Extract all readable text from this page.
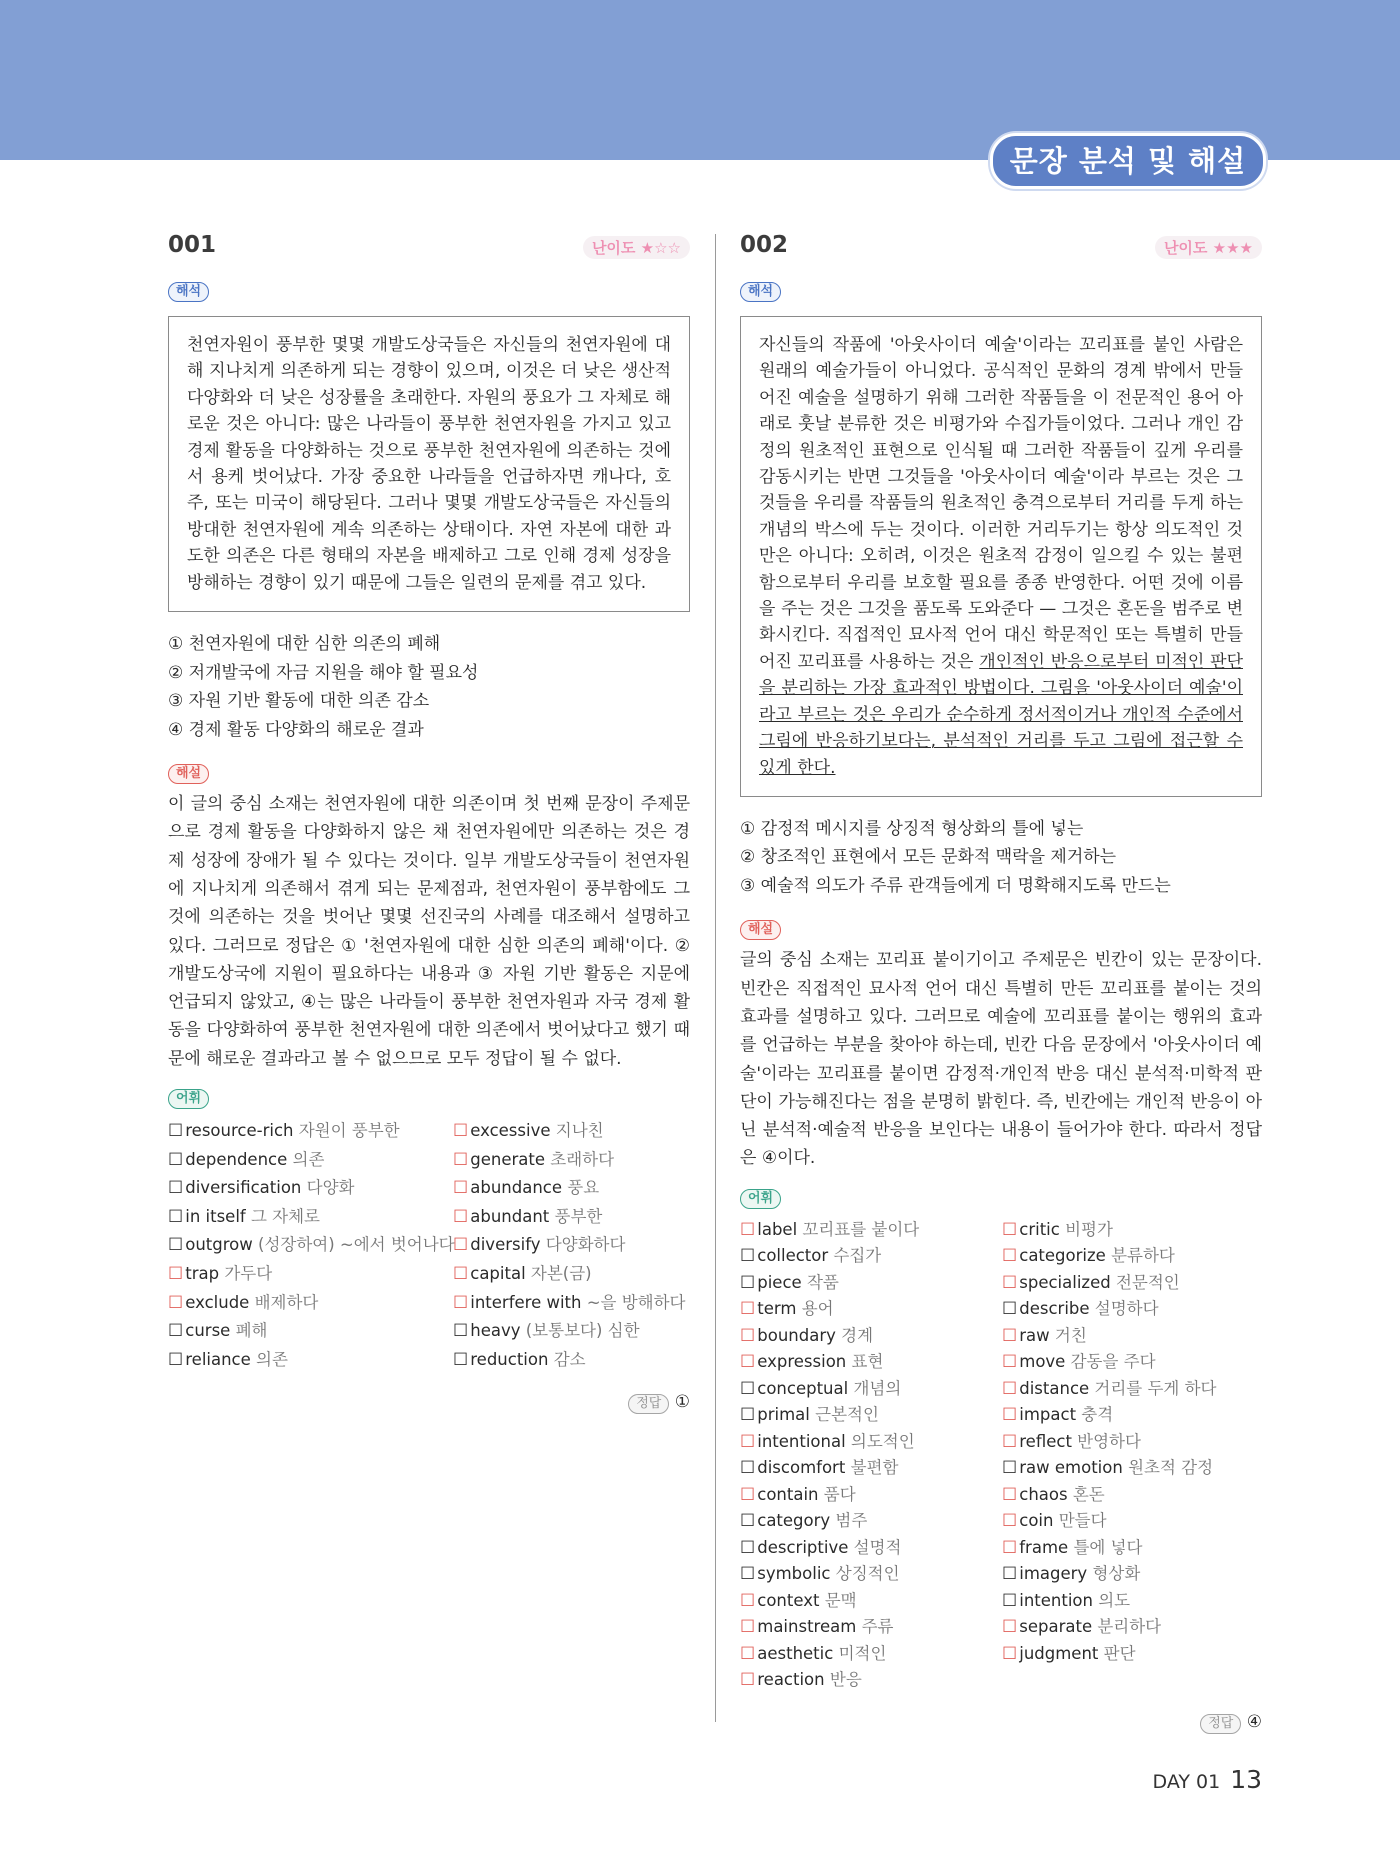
문장 분석 및 해설
001	난이도 ★☆☆
해석
천연자원이 풍부한 몇몇 개발도상국들은 자신들의 천연자원에 대해 지나치게 의존하게 되는 경향이 있으며, 이것은 더 낮은 생산적 다양화와 더 낮은 성장률을 초래한다. 자원의 풍요가 그 자체로 해로운 것은 아니다: 많은 나라들이 풍부한 천연자원을 가지고 있고 경제 활동을 다양화하는 것으로 풍부한 천연자원에 의존하는 것에서 용케 벗어났다. 가장 중요한 나라들을 언급하자면 캐나다, 호주, 또는 미국이 해당된다. 그러나 몇몇 개발도상국들은 자신들의 방대한 천연자원에 계속 의존하는 상태이다. 자연 자본에 대한 과도한 의존은 다른 형태의 자본을 배제하고 그로 인해 경제 성장을 방해하는 경향이 있기 때문에 그들은 일련의 문제를 겪고 있다.
① 천연자원에 대한 심한 의존의 폐해
② 저개발국에 자금 지원을 해야 할 필요성
③ 자원 기반 활동에 대한 의존 감소
④ 경제 활동 다양화의 해로운 결과
해설
이 글의 중심 소재는 천연자원에 대한 의존이며 첫 번째 문장이 주제문으로 경제 활동을 다양화하지 않은 채 천연자원에만 의존하는 것은 경제 성장에 장애가 될 수 있다는 것이다. 일부 개발도상국들이 천연자원에 지나치게 의존해서 겪게 되는 문제점과, 천연자원이 풍부함에도 그것에 의존하는 것을 벗어난 몇몇 선진국의 사례를 대조해서 설명하고 있다. 그러므로 정답은 ① '천연자원에 대한 심한 의존의 폐해'이다. ② 개발도상국에 지원이 필요하다는 내용과 ③ 자원 기반 활동은 지문에 언급되지 않았고, ④는 많은 나라들이 풍부한 천연자원과 자국 경제 활동을 다양화하여 풍부한 천연자원에 대한 의존에서 벗어났다고 했기 때문에 해로운 결과라고 볼 수 없으므로 모두 정답이 될 수 없다.
어휘
☐ resource-rich 자원이 풍부한
☐ dependence 의존
☐ diversification 다양화
☐ in itself 그 자체로
☐ outgrow (성장하여) ~에서 벗어나다
☐ trap 가두다
☐ exclude 배제하다
☐ curse 폐해
☐ reliance 의존
☐ excessive 지나친
☐ generate 초래하다
☐ abundance 풍요
☐ abundant 풍부한
☐ diversify 다양화하다
☐ capital 자본(금)
☐ interfere with ~을 방해하다
☐ heavy (보통보다) 심한
☐ reduction 감소
정답 ①
002	난이도 ★★★
해석
자신들의 작품에 '아웃사이더 예술'이라는 꼬리표를 붙인 사람은 원래의 예술가들이 아니었다. 공식적인 문화의 경계 밖에서 만들어진 예술을 설명하기 위해 그러한 작품들을 이 전문적인 용어 아래로 훗날 분류한 것은 비평가와 수집가들이었다. 그러나 개인 감정의 원초적인 표현으로 인식될 때 그러한 작품들이 깊게 우리를 감동시키는 반면 그것들을 '아웃사이더 예술'이라 부르는 것은 그것들을 우리를 작품들의 원초적인 충격으로부터 거리를 두게 하는 개념의 박스에 두는 것이다. 이러한 거리두기는 항상 의도적인 것만은 아니다: 오히려, 이것은 원초적 감정이 일으킬 수 있는 불편함으로부터 우리를 보호할 필요를 종종 반영한다. 어떤 것에 이름을 주는 것은 그것을 품도록 도와준다 — 그것은 혼돈을 범주로 변화시킨다. 직접적인 묘사적 언어 대신 학문적인 또는 특별히 만들어진 꼬리표를 사용하는 것은 개인적인 반응으로부터 미적인 판단을 분리하는 가장 효과적인 방법이다. 그림을 '아웃사이더 예술'이라고 부르는 것은 우리가 순수하게 정서적이거나 개인적 수준에서 그림에 반응하기보다는, 분석적인 거리를 두고 그림에 접근할 수 있게 한다.
① 감정적 메시지를 상징적 형상화의 틀에 넣는
② 창조적인 표현에서 모든 문화적 맥락을 제거하는
③ 예술적 의도가 주류 관객들에게 더 명확해지도록 만드는
해설
글의 중심 소재는 꼬리표 붙이기이고 주제문은 빈칸이 있는 문장이다. 빈칸은 직접적인 묘사적 언어 대신 특별히 만든 꼬리표를 붙이는 것의 효과를 설명하고 있다. 그러므로 예술에 꼬리표를 붙이는 행위의 효과를 언급하는 부분을 찾아야 하는데, 빈칸 다음 문장에서 '아웃사이더 예술'이라는 꼬리표를 붙이면 감정적·개인적 반응 대신 분석적·미학적 판단이 가능해진다는 점을 분명히 밝힌다. 즉, 빈칸에는 개인적 반응이 아닌 분석적·예술적 반응을 보인다는 내용이 들어가야 한다. 따라서 정답은 ④이다.
어휘
☐ label 꼬리표를 붙이다
☐ collector 수집가
☐ piece 작품
☐ term 용어
☐ boundary 경계
☐ expression 표현
☐ conceptual 개념의
☐ primal 근본적인
☐ intentional 의도적인
☐ discomfort 불편함
☐ contain 품다
☐ category 범주
☐ descriptive 설명적
☐ symbolic 상징적인
☐ context 문맥
☐ mainstream 주류
☐ aesthetic 미적인
☐ reaction 반응
☐ critic 비평가
☐ categorize 분류하다
☐ specialized 전문적인
☐ describe 설명하다
☐ raw 거친
☐ move 감동을 주다
☐ distance 거리를 두게 하다
☐ impact 충격
☐ reflect 반영하다
☐ raw emotion 원초적 감정
☐ chaos 혼돈
☐ coin 만들다
☐ frame 틀에 넣다
☐ imagery 형상화
☐ intention 의도
☐ separate 분리하다
☐ judgment 판단
정답 ④
DAY 01 13
